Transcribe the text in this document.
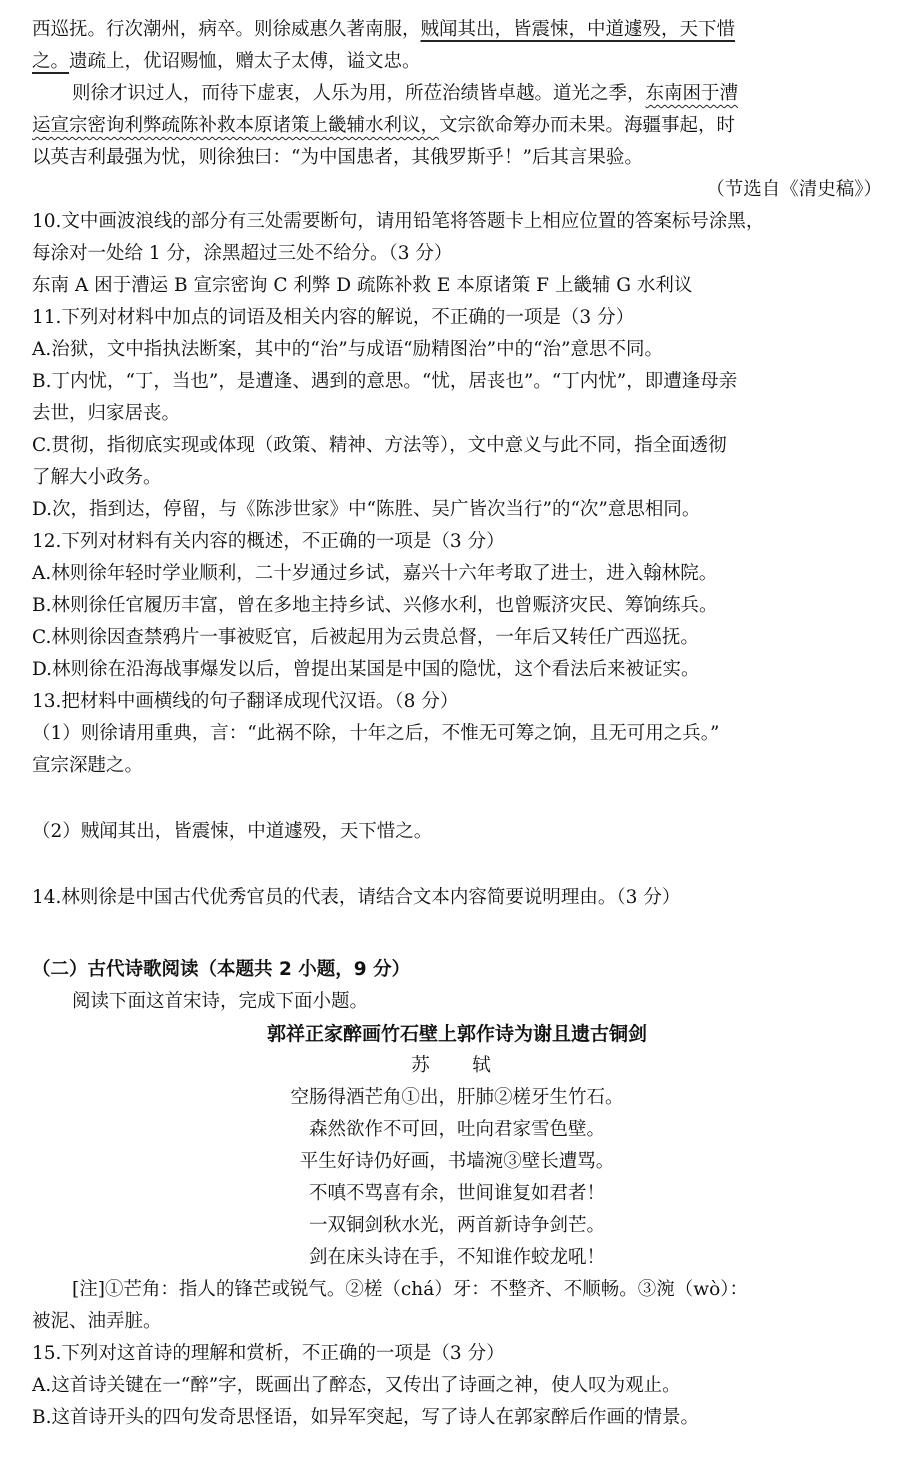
西巡抚。行次潮州，病卒。则徐威惠久著南服，贼闻其出，皆震悚，中道遽殁，天下惜
之。遗疏上，优诏赐恤，赠太子太傅，谥文忠。
则徐才识过人，而待下虚衷，人乐为用，所莅治绩皆卓越。道光之季，东南困于漕
运宣宗密询利弊疏陈补救本原诸策上畿辅水利议，文宗欲命筹办而未果。海疆事起，时
以英吉利最强为忧，则徐独曰：“为中国患者，其俄罗斯乎！”后其言果验。
（节选自《清史稿》）
10.文中画波浪线的部分有三处需要断句，请用铅笔将答题卡上相应位置的答案标号涂黑，
每涂对一处给 1 分，涂黑超过三处不给分。（3 分）
东南 A 困于漕运 B 宣宗密询 C 利弊 D 疏陈补救 E 本原诸策 F 上畿辅 G 水利议
11.下列对材料中加点的词语及相关内容的解说，不正确的一项是（3 分）
A.治狱，文中指执法断案，其中的“治”与成语“励精图治”中的“治”意思不同。
B.丁内忧，“丁，当也”，是遭逢、遇到的意思。“忧，居丧也”。“丁内忧”，即遭逢母亲
去世，归家居丧。
C.贯彻，指彻底实现或体现（政策、精神、方法等），文中意义与此不同，指全面透彻
了解大小政务。
D.次，指到达，停留，与《陈涉世家》中“陈胜、吴广皆次当行”的“次”意思相同。
12.下列对材料有关内容的概述，不正确的一项是（3 分）
A.林则徐年轻时学业顺利，二十岁通过乡试，嘉兴十六年考取了进士，进入翰林院。
B.林则徐任官履历丰富，曾在多地主持乡试、兴修水利，也曾赈济灾民、筹饷练兵。
C.林则徐因查禁鸦片一事被贬官，后被起用为云贵总督，一年后又转任广西巡抚。
D.林则徐在沿海战事爆发以后，曾提出某国是中国的隐忧，这个看法后来被证实。
13.把材料中画横线的句子翻译成现代汉语。（8 分）
（1）则徐请用重典，言：“此祸不除，十年之后，不惟无可筹之饷，且无可用之兵。”
宣宗深韪之。
（2）贼闻其出，皆震悚，中道遽殁，天下惜之。
14.林则徐是中国古代优秀官员的代表，请结合文本内容简要说明理由。（3 分）
（二）古代诗歌阅读（本题共 2 小题，9 分）
阅读下面这首宋诗，完成下面小题。
郭祥正家醉画竹石壁上郭作诗为谢且遗古铜剑
苏　轼
空肠得酒芒角①出，肝肺②槎牙生竹石。
森然欲作不可回，吐向君家雪色壁。
平生好诗仍好画，书墙涴③壁长遭骂。
不嗔不骂喜有余，世间谁复如君者！
一双铜剑秋水光，两首新诗争剑芒。
剑在床头诗在手，不知谁作蛟龙吼！
[注]①芒角：指人的锋芒或锐气。②槎（chá）牙：不整齐、不顺畅。③涴（wò）：
被泥、油弄脏。
15.下列对这首诗的理解和赏析，不正确的一项是（3 分）
A.这首诗关键在一“醉”字，既画出了醉态，又传出了诗画之神，使人叹为观止。
B.这首诗开头的四句发奇思怪语，如异军突起，写了诗人在郭家醉后作画的情景。
